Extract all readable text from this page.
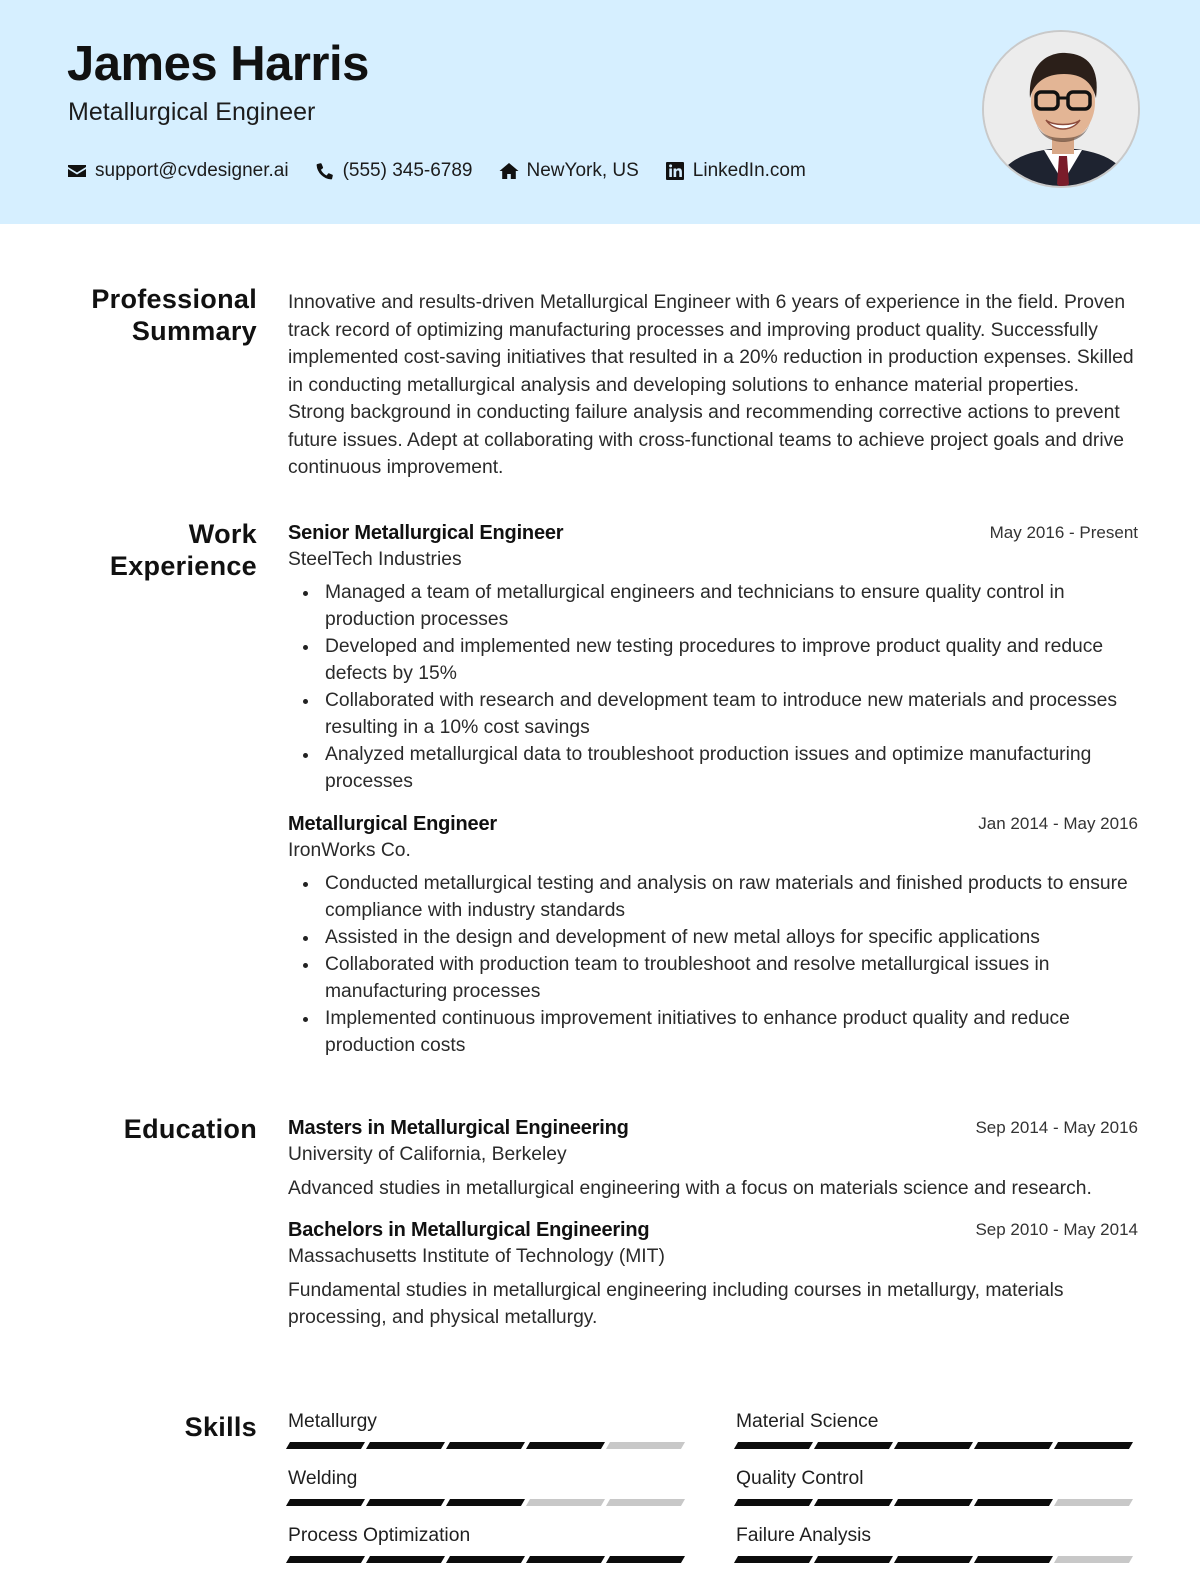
James Harris
Metallurgical Engineer
support@cvdesigner.ai	(555) 345-6789	NewYork, US	LinkedIn.com
Professional
Summary

Innovative and results-driven Metallurgical Engineer with 6 years of experience in the field. Proven track record of optimizing manufacturing processes and improving product quality. Successfully implemented cost-saving initiatives that resulted in a 20% reduction in production expenses. Skilled in conducting metallurgical analysis and developing solutions to enhance material properties. Strong background in conducting failure analysis and recommending corrective actions to prevent future issues. Adept at collaborating with cross-functional teams to achieve project goals and drive continuous improvement.

Work
Experience
Senior Metallurgical Engineer	May 2016 - Present
SteelTech Industries
Managed a team of metallurgical engineers and technicians to ensure quality control in production processes
Developed and implemented new testing procedures to improve product quality and reduce defects by 15%
Collaborated with research and development team to introduce new materials and processes resulting in a 10% cost savings
Analyzed metallurgical data to troubleshoot production issues and optimize manufacturing processes
Metallurgical Engineer	Jan 2014 - May 2016
IronWorks Co.
Conducted metallurgical testing and analysis on raw materials and finished products to ensure compliance with industry standards
Assisted in the design and development of new metal alloys for specific applications
Collaborated with production team to troubleshoot and resolve metallurgical issues in manufacturing processes
Implemented continuous improvement initiatives to enhance product quality and reduce production costs
Education Masters in Metallurgical Engineering	Sep 2014 - May 2016
University of California, Berkeley

Advanced studies in metallurgical engineering with a focus on materials science and research.

Bachelors in Metallurgical Engineering	Sep 2010 - May 2014
Massachusetts Institute of Technology (MIT)

Fundamental studies in metallurgical engineering including courses in metallurgy, materials processing, and physical metallurgy.

Skills Metallurgy	Material Science
Welding	Quality Control
Process Optimization	Failure Analysis
